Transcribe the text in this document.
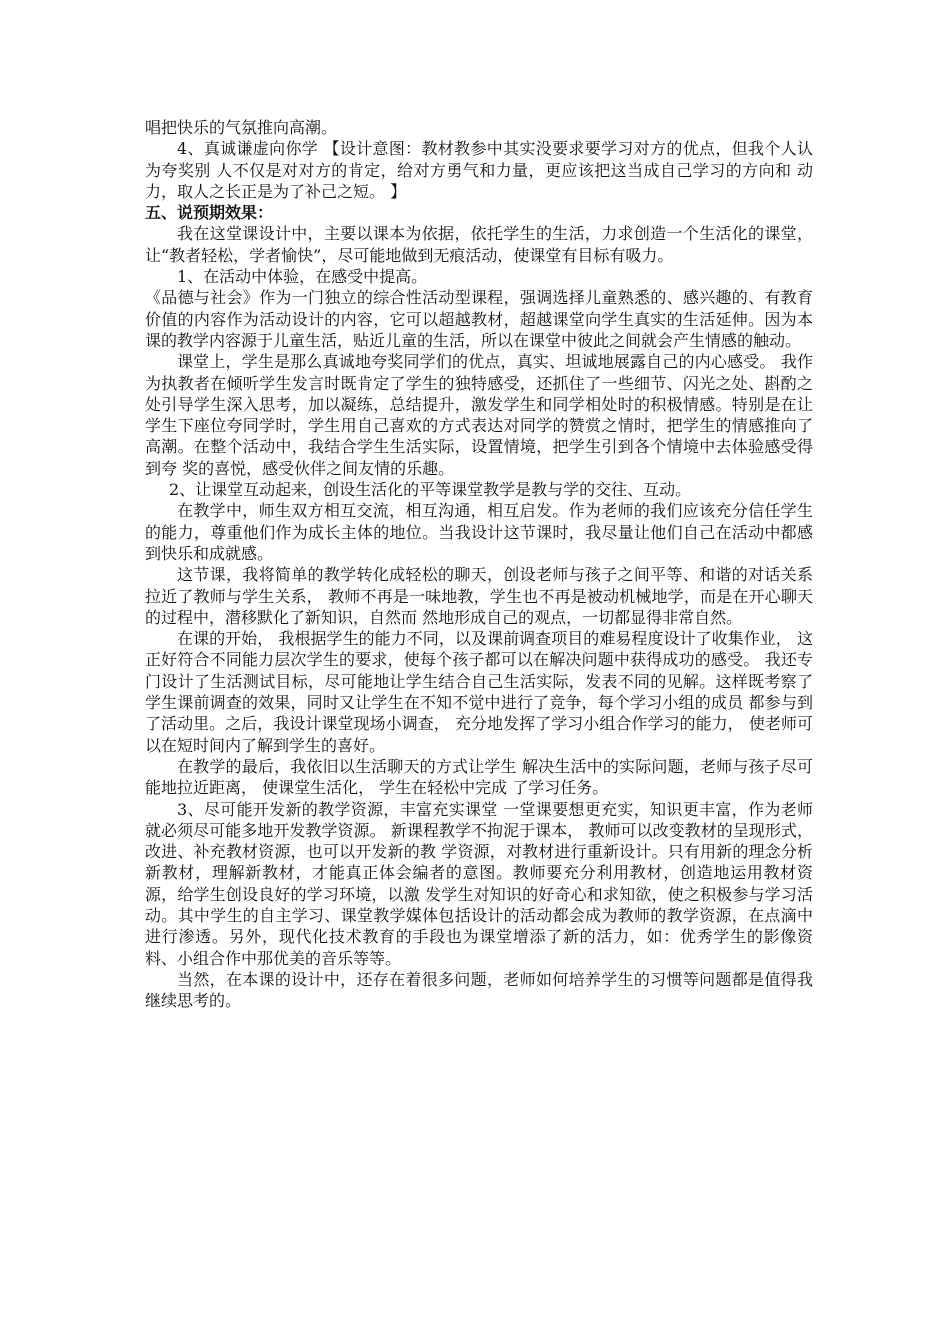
唱把快乐的气氛推向高潮。

4、真诚谦虚向你学 【设计意图：教材教参中其实没要求要学习对方的优点，但我个人认为夸奖别 人不仅是对对方的肯定，给对方勇气和力量，更应该把这当成自己学习的方向和 动力，取人之长正是为了补己之短。 】

五、说预期效果：

我在这堂课设计中，主要以课本为依据，依托学生的生活，力求创造一个生活化的课堂，让“教者轻松，学者愉快”，尽可能地做到无痕活动，使课堂有目标有吸力。

1、在活动中体验，在感受中提高。

《品德与社会》作为一门独立的综合性活动型课程，强调选择儿童熟悉的、感兴趣的、有教育价值的内容作为活动设计的内容，它可以超越教材，超越课堂向学生真实的生活延伸。因为本课的教学内容源于儿童生活，贴近儿童的生活，所以在课堂中彼此之间就会产生情感的触动。

课堂上，学生是那么真诚地夸奖同学们的优点，真实、坦诚地展露自己的内心感受。 我作为执教者在倾听学生发言时既肯定了学生的独特感受，还抓住了一些细节、闪光之处、斟酌之处引导学生深入思考，加以凝练，总结提升，激发学生和同学相处时的积极情感。特别是在让学生下座位夸同学时，学生用自己喜欢的方式表达对同学的赞赏之情时，把学生的情感推向了高潮。在整个活动中，我结合学生生活实际，设置情境，把学生引到各个情境中去体验感受得到夸 奖的喜悦，感受伙伴之间友情的乐趣。

2、让课堂互动起来，创设生活化的平等课堂教学是教与学的交往、互动。

在教学中，师生双方相互交流，相互沟通，相互启发。作为老师的我们应该充分信任学生的能力，尊重他们作为成长主体的地位。当我设计这节课时，我尽量让他们自己在活动中都感到快乐和成就感。

这节课，我将简单的教学转化成轻松的聊天，创设老师与孩子之间平等、和谐的对话关系拉近了教师与学生关系， 教师不再是一味地教，学生也不再是被动机械地学，而是在开心聊天的过程中，潜移默化了新知识，自然而 然地形成自己的观点，一切都显得非常自然。

在课的开始， 我根据学生的能力不同，以及课前调查项目的难易程度设计了收集作业， 这正好符合不同能力层次学生的要求，使每个孩子都可以在解决问题中获得成功的感受。 我还专门设计了生活测试目标，尽可能地让学生结合自己生活实际，发表不同的见解。这样既考察了学生课前调查的效果，同时又让学生在不知不觉中进行了竞争，每个学习小组的成员 都参与到了活动里。之后，我设计课堂现场小调查， 充分地发挥了学习小组合作学习的能力， 使老师可以在短时间内了解到学生的喜好。

在教学的最后，我依旧以生活聊天的方式让学生 解决生活中的实际问题，老师与孩子尽可能地拉近距离， 使课堂生活化， 学生在轻松中完成 了学习任务。

3、尽可能开发新的教学资源，丰富充实课堂 一堂课要想更充实，知识更丰富，作为老师就必须尽可能多地开发教学资源。 新课程教学不拘泥于课本， 教师可以改变教材的呈现形式，改进、补充教材资源，也可以开发新的教 学资源，对教材进行重新设计。只有用新的理念分析新教材，理解新教材，才能真正体会编者的意图。教师要充分利用教材，创造地运用教材资源，给学生创设良好的学习环境，以激 发学生对知识的好奇心和求知欲，使之积极参与学习活动。其中学生的自主学习、课堂教学媒体包括设计的活动都会成为教师的教学资源，在点滴中进行渗透。另外，现代化技术教育的手段也为课堂增添了新的活力，如：优秀学生的影像资料、小组合作中那优美的音乐等等。

当然，在本课的设计中，还存在着很多问题，老师如何培养学生的习惯等问题都是值得我继续思考的。
